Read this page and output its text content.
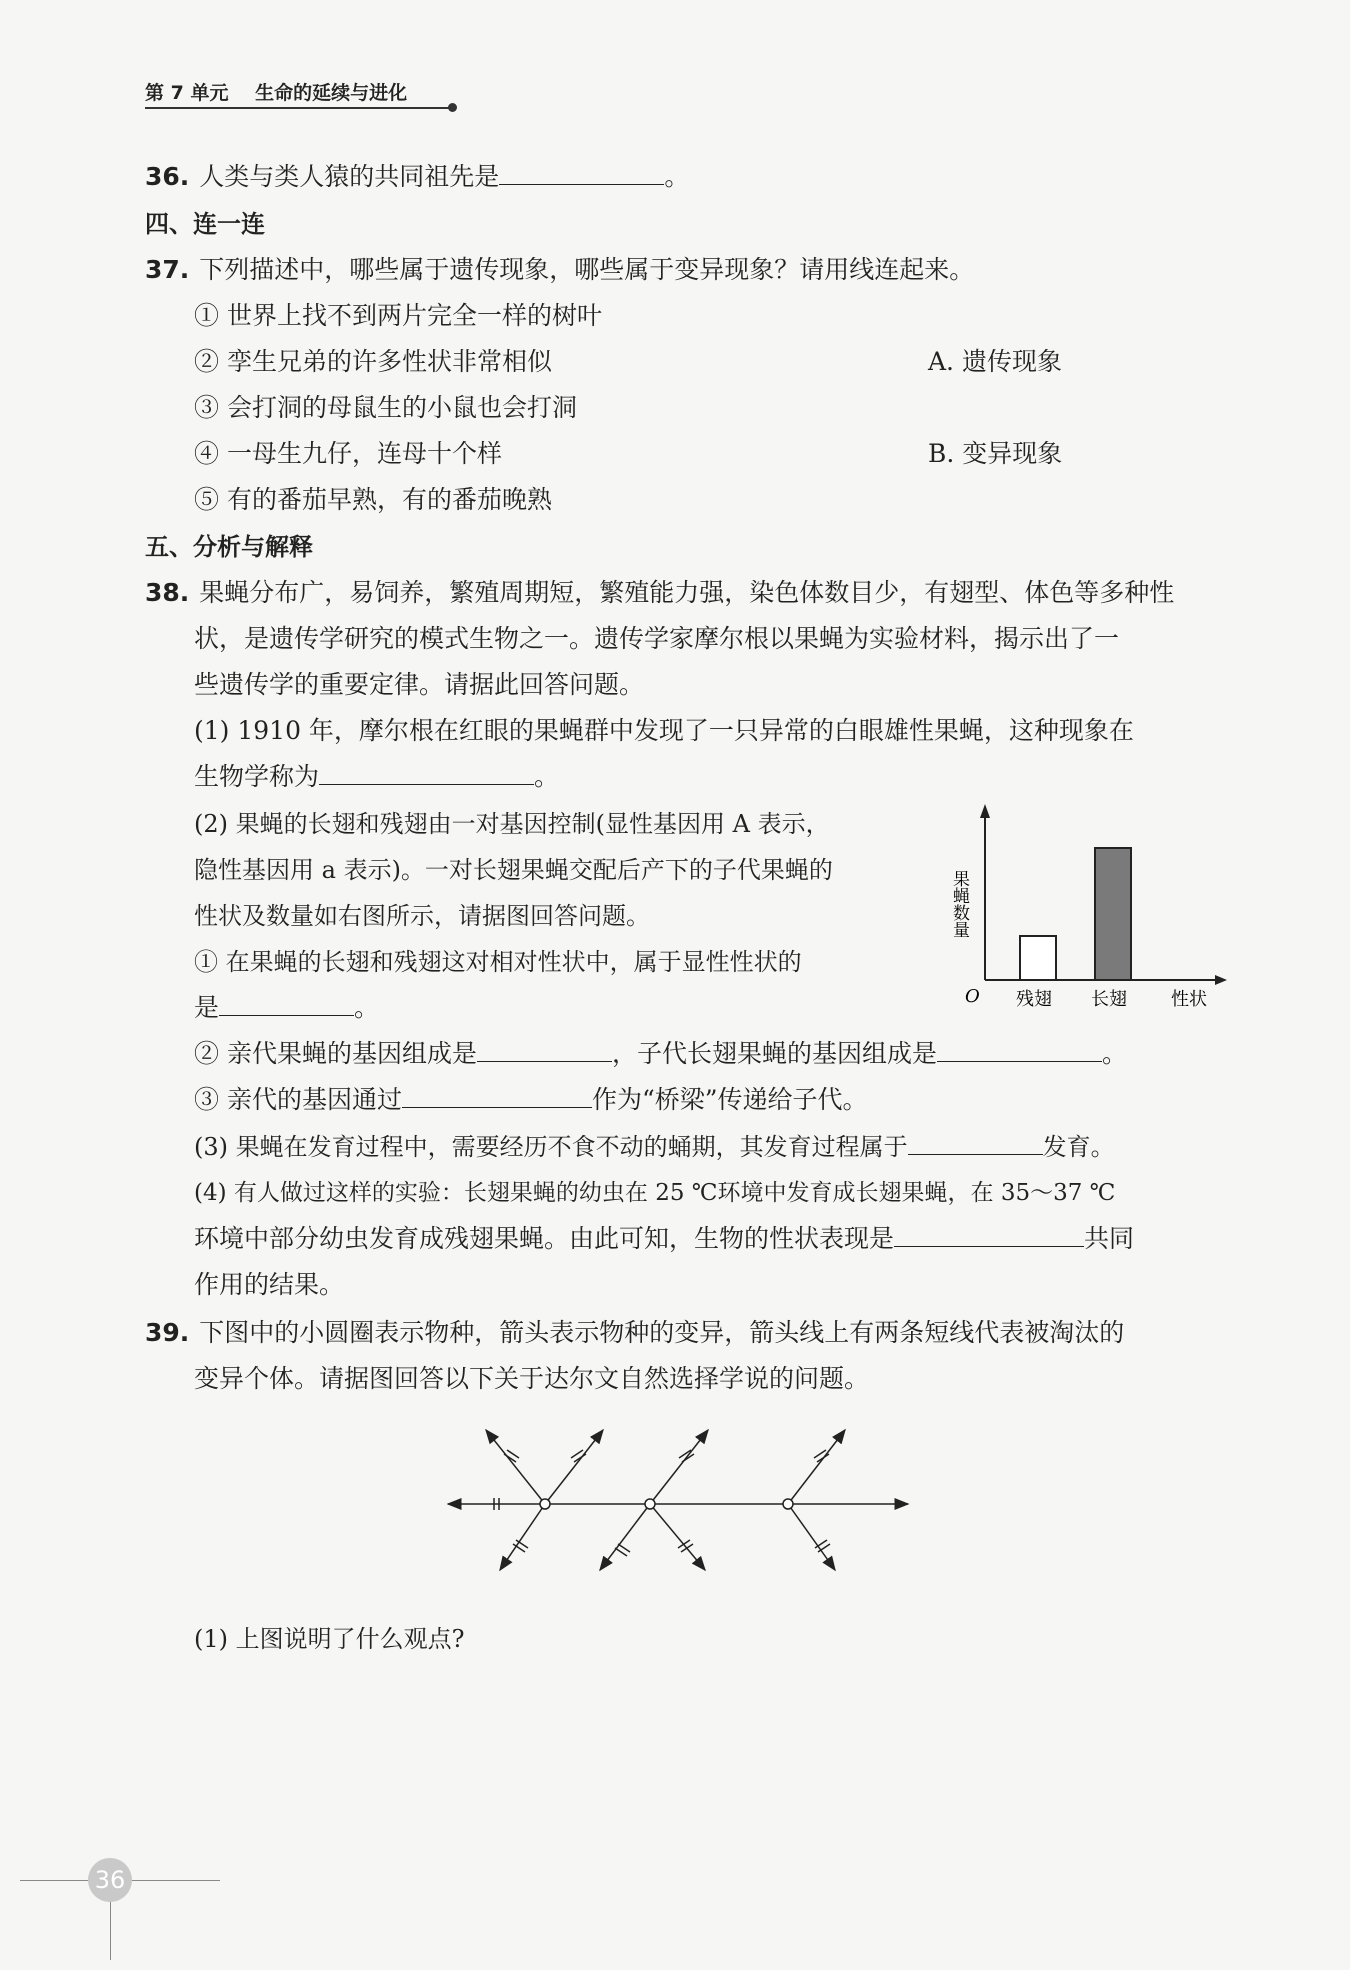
第 7 单元 生命的延续与进化
36. 人类与类人猿的共同祖先是	。
四、连一连
37. 下列描述中，哪些属于遗传现象，哪些属于变异现象？请用线连起来。
① 世界上找不到两片完全一样的树叶
② 孪生兄弟的许多性状非常相似
③ 会打洞的母鼠生的小鼠也会打洞
④ 一母生九仔，连母十个样
⑤ 有的番茄早熟，有的番茄晚熟
A. 遗传现象
B. 变异现象
五、分析与解释
38. 果蝇分布广，易饲养，繁殖周期短，繁殖能力强，染色体数目少，有翅型、体色等多种性
状，是遗传学研究的模式生物之一。遗传学家摩尔根以果蝇为实验材料，揭示出了一
些遗传学的重要定律。请据此回答问题。
(1) 1910 年，摩尔根在红眼的果蝇群中发现了一只异常的白眼雄性果蝇，这种现象在
生物学称为	。
(2) 果蝇的长翅和残翅由一对基因控制(显性基因用 A 表示，
隐性基因用 a 表示)。一对长翅果蝇交配后产下的子代果蝇的
性状及数量如右图所示，请据图回答问题。
① 在果蝇的长翅和残翅这对相对性状中，属于显性性状的
是	。
果蝇数量
O	性状
残翅 长翅
② 亲代果蝇的基因组成是	，子代长翅果蝇的基因组成是	。
③ 亲代的基因通过	作为“桥梁”传递给子代。
(3) 果蝇在发育过程中，需要经历不食不动的蛹期，其发育过程属于	发育。
(4) 有人做过这样的实验：长翅果蝇的幼虫在 25 ℃环境中发育成长翅果蝇，在 35～37 ℃
环境中部分幼虫发育成残翅果蝇。由此可知，生物的性状表现是	共同
作用的结果。
39. 下图中的小圆圈表示物种，箭头表示物种的变异，箭头线上有两条短线代表被淘汰的
变异个体。请据图回答以下关于达尔文自然选择学说的问题。
(1) 上图说明了什么观点?
36
